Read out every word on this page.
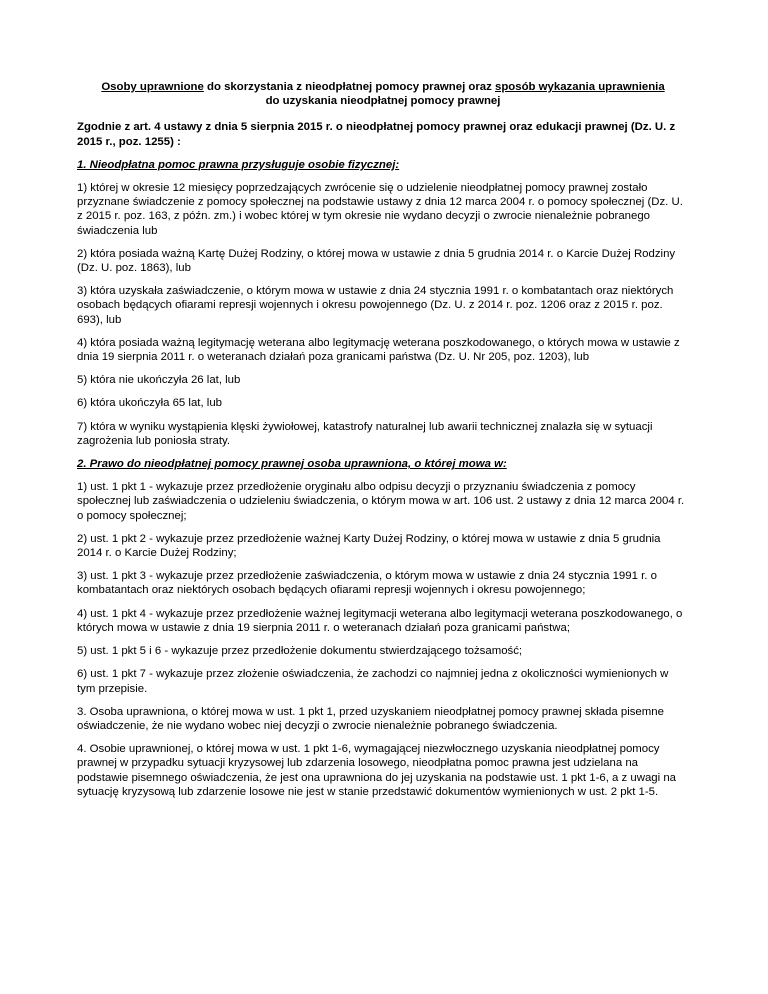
Osoby uprawnione do skorzystania z nieodpłatnej pomocy prawnej oraz sposób wykazania uprawnienia
do uzyskania nieodpłatnej pomocy prawnej

Zgodnie z art. 4 ustawy z dnia 5 sierpnia 2015 r. o nieodpłatnej pomocy prawnej oraz edukacji prawnej (Dz. U. z 2015 r., poz. 1255) :

1. Nieodpłatna pomoc prawna przysługuje osobie fizycznej:

1) której w okresie 12 miesięcy poprzedzających zwrócenie się o udzielenie nieodpłatnej pomocy prawnej zostało przyznane świadczenie z pomocy społecznej na podstawie ustawy z dnia 12 marca 2004 r. o pomocy społecznej (Dz. U. z 2015 r. poz. 163, z późn. zm.) i wobec której w tym okresie nie wydano decyzji o zwrocie nienależnie pobranego świadczenia lub

2) która posiada ważną Kartę Dużej Rodziny, o której mowa w ustawie z dnia 5 grudnia 2014 r. o Karcie Dużej Rodziny (Dz. U. poz. 1863), lub

3) która uzyskała zaświadczenie, o którym mowa w ustawie z dnia 24 stycznia 1991 r. o kombatantach oraz niektórych osobach będących ofiarami represji wojennych i okresu powojennego (Dz. U. z 2014 r. poz. 1206 oraz z 2015 r. poz. 693), lub

4) która posiada ważną legitymację weterana albo legitymację weterana poszkodowanego, o których mowa w ustawie z dnia 19 sierpnia 2011 r. o weteranach działań poza granicami państwa (Dz. U. Nr 205, poz. 1203), lub

5) która nie ukończyła 26 lat, lub

6) która ukończyła 65 lat, lub

7) która w wyniku wystąpienia klęski żywiołowej, katastrofy naturalnej lub awarii technicznej znalazła się w sytuacji zagrożenia lub poniosła straty.

2. Prawo do nieodpłatnej pomocy prawnej osoba uprawniona, o której mowa w:

1) ust. 1 pkt 1 - wykazuje przez przedłożenie oryginału albo odpisu decyzji o przyznaniu świadczenia z pomocy społecznej lub zaświadczenia o udzieleniu świadczenia, o którym mowa w art. 106 ust. 2 ustawy z dnia 12 marca 2004 r. o pomocy społecznej;

2) ust. 1 pkt 2 - wykazuje przez przedłożenie ważnej Karty Dużej Rodziny, o której mowa w ustawie z dnia 5 grudnia 2014 r. o Karcie Dużej Rodziny;

3) ust. 1 pkt 3 - wykazuje przez przedłożenie zaświadczenia, o którym mowa w ustawie z dnia 24 stycznia 1991 r. o kombatantach oraz niektórych osobach będących ofiarami represji wojennych i okresu powojennego;

4) ust. 1 pkt 4 - wykazuje przez przedłożenie ważnej legitymacji weterana albo legitymacji weterana poszkodowanego, o których mowa w ustawie z dnia 19 sierpnia 2011 r. o weteranach działań poza granicami państwa;

5) ust. 1 pkt 5 i 6 - wykazuje przez przedłożenie dokumentu stwierdzającego tożsamość;

6) ust. 1 pkt 7 - wykazuje przez złożenie oświadczenia, że zachodzi co najmniej jedna z okoliczności wymienionych w tym przepisie.

3. Osoba uprawniona, o której mowa w ust. 1 pkt 1, przed uzyskaniem nieodpłatnej pomocy prawnej składa pisemne oświadczenie, że nie wydano wobec niej decyzji o zwrocie nienależnie pobranego świadczenia.

4. Osobie uprawnionej, o której mowa w ust. 1 pkt 1-6, wymagającej niezwłocznego uzyskania nieodpłatnej pomocy prawnej w przypadku sytuacji kryzysowej lub zdarzenia losowego, nieodpłatna pomoc prawna jest udzielana na podstawie pisemnego oświadczenia, że jest ona uprawniona do jej uzyskania na podstawie ust. 1 pkt 1-6, a z uwagi na sytuację kryzysową lub zdarzenie losowe nie jest w stanie przedstawić dokumentów wymienionych w ust. 2 pkt 1-5.
